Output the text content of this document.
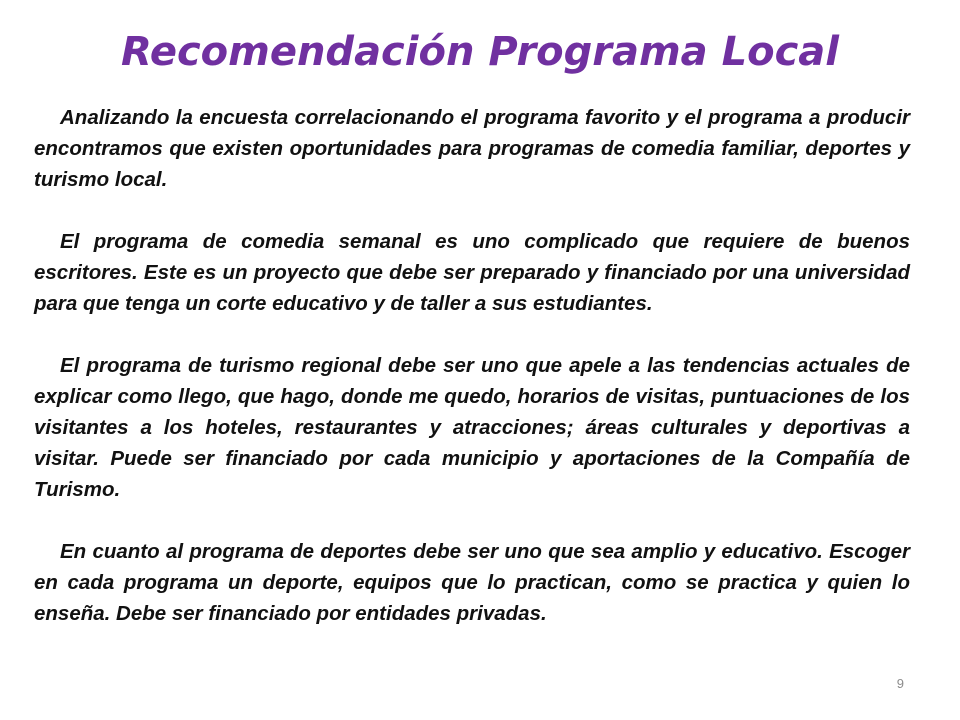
Recomendación Programa Local

Analizando la encuesta correlacionando el programa favorito y el programa a producir encontramos que existen oportunidades para programas de comedia familiar, deportes y turismo local.

El programa de comedia semanal es uno complicado que requiere de buenos escritores. Este es un proyecto que debe ser preparado y financiado por una universidad para que tenga un corte educativo y de taller a sus estudiantes.

El programa de turismo regional debe ser uno que apele a las tendencias actuales de explicar como llego, que hago, donde me quedo, horarios de visitas, puntuaciones de los visitantes a los hoteles, restaurantes y atracciones; áreas culturales y deportivas a visitar. Puede ser financiado por cada municipio y aportaciones de la Compañía de Turismo.

En cuanto al programa de deportes debe ser uno que sea amplio y educativo. Escoger en cada programa un deporte, equipos que lo practican, como se practica y quien lo enseña. Debe ser financiado por entidades privadas.

9
